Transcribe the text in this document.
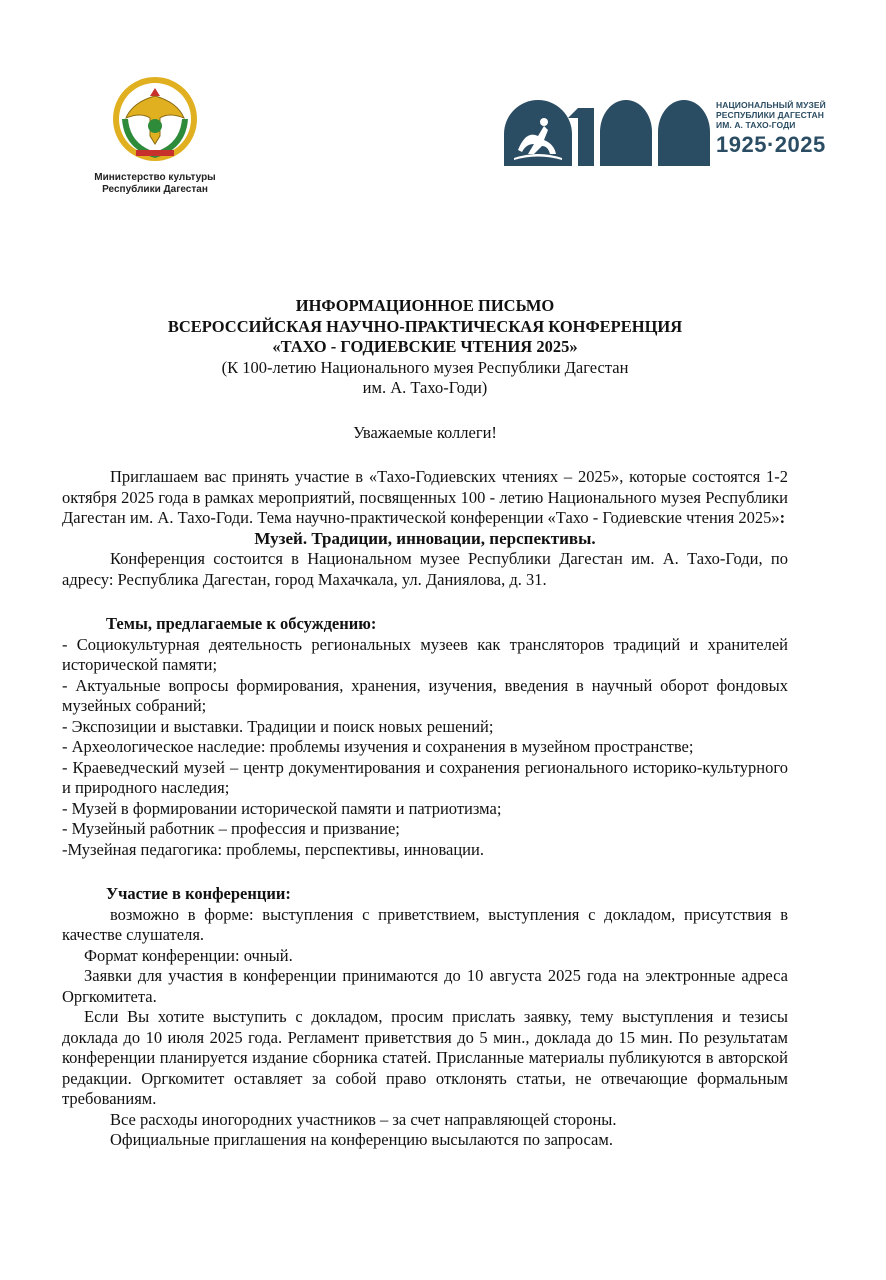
Министерство культуры
Республики Дагестан
НАЦИОНАЛЬНЫЙ МУЗЕЙ
РЕСПУБЛИКИ ДАГЕСТАН
ИМ. А. ТАХО-ГОДИ
1925·2025
ИНФОРМАЦИОННОЕ ПИСЬМО
ВСЕРОССИЙСКАЯ НАУЧНО-ПРАКТИЧЕСКАЯ КОНФЕРЕНЦИЯ
«ТАХО - ГОДИЕВСКИЕ ЧТЕНИЯ 2025»
(К 100-летию Национального музея Республики Дагестан
им. А. Тахо-Годи)
Уважаемые коллеги!

Приглашаем вас принять участие в «Тахо-Годиевских чтениях – 2025», которые состоятся 1-2 октября 2025 года в рамках мероприятий, посвященных 100 - летию Национального музея Республики Дагестан им. А. Тахо-Годи. Тема научно-практической конференции «Тахо - Годиевские чтения 2025»:

Музей. Традиции, инновации, перспективы.

Конференция состоится в Национальном музее Республики Дагестан им. А. Тахо-Годи, по адресу: Республика Дагестан, город Махачкала, ул. Даниялова, д. 31.

Темы, предлагаемые к обсуждению:

- Социокультурная деятельность региональных музеев как трансляторов традиций и хранителей исторической памяти;

- Актуальные вопросы формирования, хранения, изучения, введения в научный оборот фондовых музейных собраний;

- Экспозиции и выставки. Традиции и поиск новых решений;

- Археологическое наследие: проблемы изучения и сохранения в музейном пространстве;

- Краеведческий музей – центр документирования и сохранения регионального историко-культурного и природного наследия;

- Музей в формировании исторической памяти и патриотизма;

- Музейный работник – профессия и призвание;

-Музейная педагогика: проблемы, перспективы, инновации.

Участие в конференции:

возможно в форме: выступления с приветствием, выступления с докладом, присутствия в качестве слушателя.

Формат конференции: очный.

Заявки для участия в конференции принимаются до 10 августа 2025 года на электронные адреса Оргкомитета.

Если Вы хотите выступить с докладом, просим прислать заявку, тему выступления и тезисы доклада до 10 июля 2025 года. Регламент приветствия до 5 мин., доклада до 15 мин. По результатам конференции планируется издание сборника статей. Присланные материалы публикуются в авторской редакции. Оргкомитет оставляет за собой право отклонять статьи, не отвечающие формальным требованиям.

Все расходы иногородних участников – за счет направляющей стороны.

Официальные приглашения на конференцию высылаются по запросам.
